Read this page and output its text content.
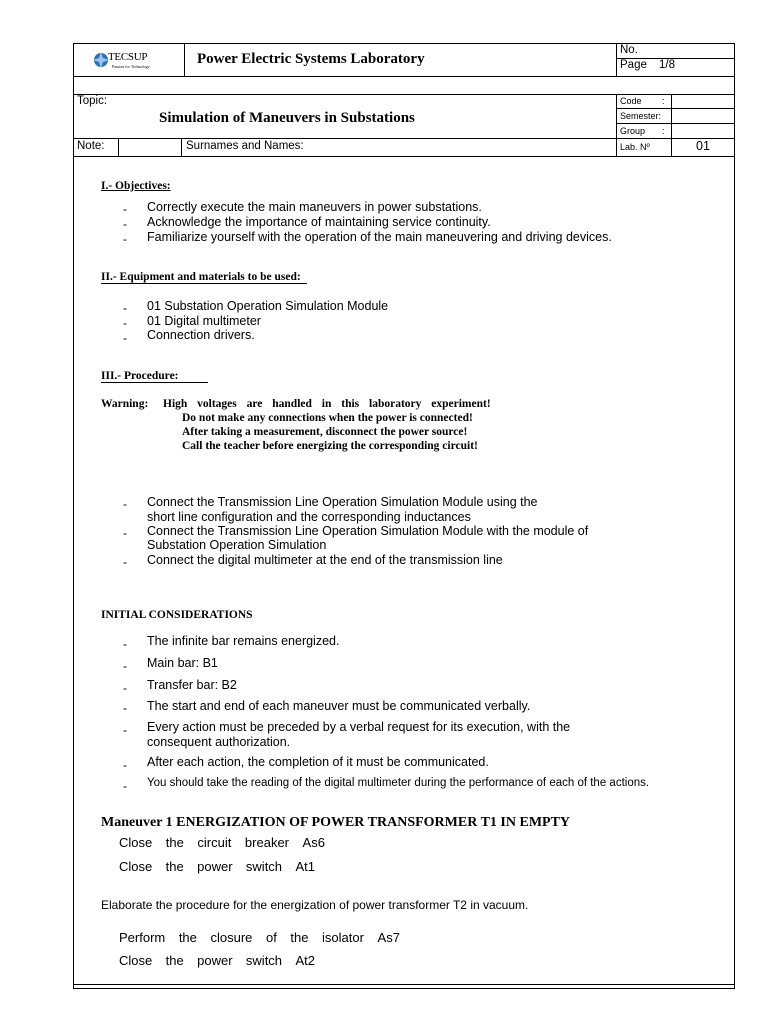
TECSUP
Passion for Technology	Power Electric Systems Laboratory
No.
Page 1/8
Topic:
Simulation of Maneuvers in Substations
Code :
Semester:
Group :
Note:	Surnames and Names:	Lab. Nº	01
I.- Objectives:
- Correctly execute the main maneuvers in power substations.
- Acknowledge the importance of maintaining service continuity.
- Familiarize yourself with the operation of the main maneuvering and driving devices.
II.- Equipment and materials to be used:
- 01 Substation Operation Simulation Module
- 01 Digital multimeter
- Connection drivers.
III.- Procedure:
Warning: High voltages are handled in this laboratory experiment!
Do not make any connections when the power is connected!
After taking a measurement, disconnect the power source!
Call the teacher before energizing the corresponding circuit!
- Connect the Transmission Line Operation Simulation Module using the
short line configuration and the corresponding inductances
- Connect the Transmission Line Operation Simulation Module with the module of
Substation Operation Simulation
- Connect the digital multimeter at the end of the transmission line
INITIAL CONSIDERATIONS
- The infinite bar remains energized.
- Main bar: B1
- Transfer bar: B2
- The start and end of each maneuver must be communicated verbally.
- Every action must be preceded by a verbal request for its execution, with the
consequent authorization.
- After each action, the completion of it must be communicated.
- You should take the reading of the digital multimeter during the performance of each of the actions.
Maneuver 1 ENERGIZATION OF POWER TRANSFORMER T1 IN EMPTY
Close the circuit breaker As6
Close the power switch At1
Elaborate the procedure for the energization of power transformer T2 in vacuum.
Perform the closure of the isolator As7
Close the power switch At2
